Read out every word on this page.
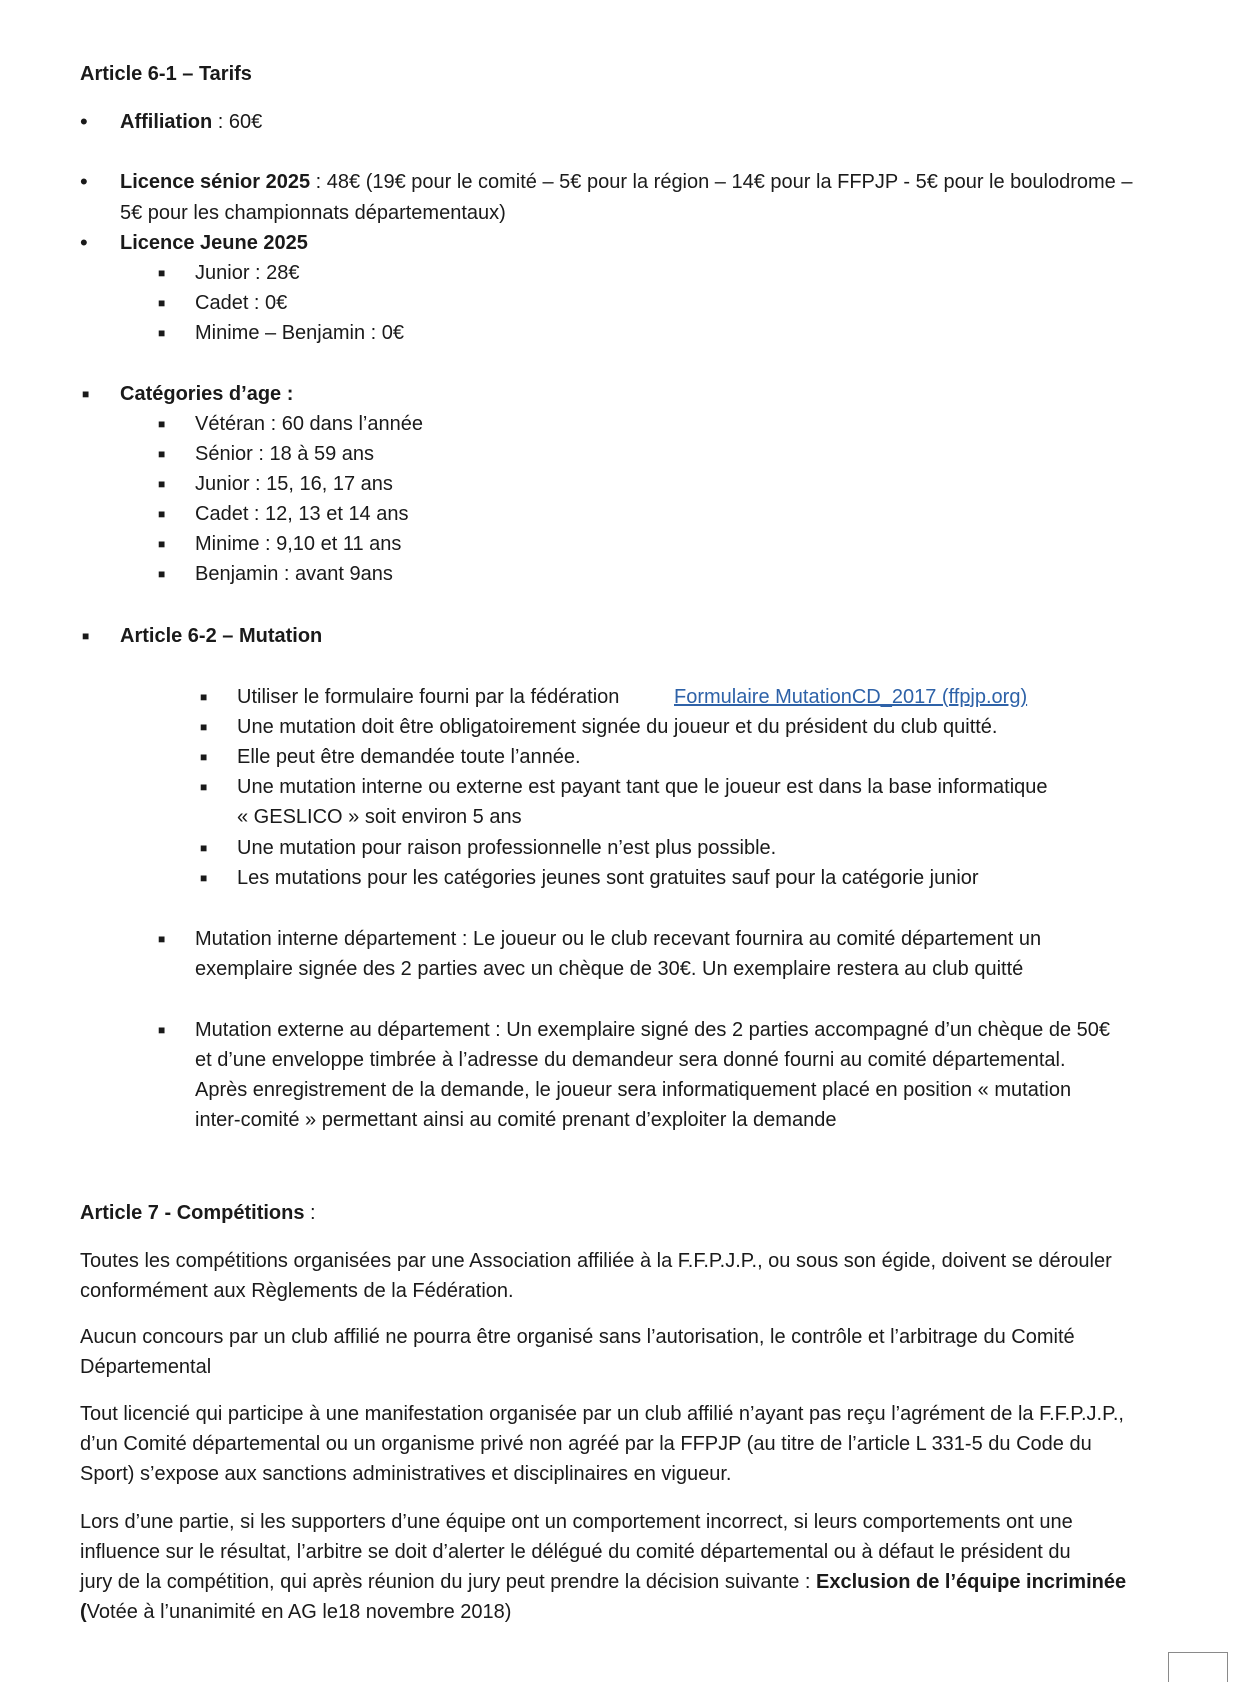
Article 6-1 – Tarifs
• Affiliation : 60€
• Licence sénior 2025 : 48€ (19€ pour le comité – 5€ pour la région – 14€ pour la FFPJP - 5€ pour le boulodrome –
5€ pour les championnats départementaux)
• Licence Jeune 2025
■ Junior : 28€
■ Cadet : 0€
■ Minime – Benjamin : 0€
■ Catégories d’age :
■ Vétéran : 60 dans l’année
■ Sénior : 18 à 59 ans
■ Junior : 15, 16, 17 ans
■ Cadet : 12, 13 et 14 ans
■ Minime : 9,10 et 11 ans
■ Benjamin : avant 9ans
■ Article 6-2 – Mutation
■ Utiliser le formulaire fourni par la fédération	Formulaire MutationCD_2017 (ffpjp.org)
■ Une mutation doit être obligatoirement signée du joueur et du président du club quitté.
■ Elle peut être demandée toute l’année.
■ Une mutation interne ou externe est payant tant que le joueur est dans la base informatique
« GESLICO » soit environ 5 ans
■ Une mutation pour raison professionnelle n’est plus possible.
■ Les mutations pour les catégories jeunes sont gratuites sauf pour la catégorie junior
■ Mutation interne département : Le joueur ou le club recevant fournira au comité département un
exemplaire signée des 2 parties avec un chèque de 30€. Un exemplaire restera au club quitté
■ Mutation externe au département : Un exemplaire signé des 2 parties accompagné d’un chèque de 50€
et d’une enveloppe timbrée à l’adresse du demandeur sera donné fourni au comité départemental.
Après enregistrement de la demande, le joueur sera informatiquement placé en position « mutation
inter-comité » permettant ainsi au comité prenant d’exploiter la demande
Article 7 - Compétitions :
Toutes les compétitions organisées par une Association affiliée à la F.F.P.J.P., ou sous son égide, doivent se dérouler
conformément aux Règlements de la Fédération.
Aucun concours par un club affilié ne pourra être organisé sans l’autorisation, le contrôle et l’arbitrage du Comité
Départemental
Tout licencié qui participe à une manifestation organisée par un club affilié n’ayant pas reçu l’agrément de la F.F.P.J.P.,
d’un Comité départemental ou un organisme privé non agréé par la FFPJP (au titre de l’article L 331-5 du Code du
Sport) s’expose aux sanctions administratives et disciplinaires en vigueur.
Lors d’une partie, si les supporters d’une équipe ont un comportement incorrect, si leurs comportements ont une
influence sur le résultat, l’arbitre se doit d’alerter le délégué du comité départemental ou à défaut le président du
jury de la compétition, qui après réunion du jury peut prendre la décision suivante : Exclusion de l’équipe incriminée
(Votée à l’unanimité en AG le18 novembre 2018)
